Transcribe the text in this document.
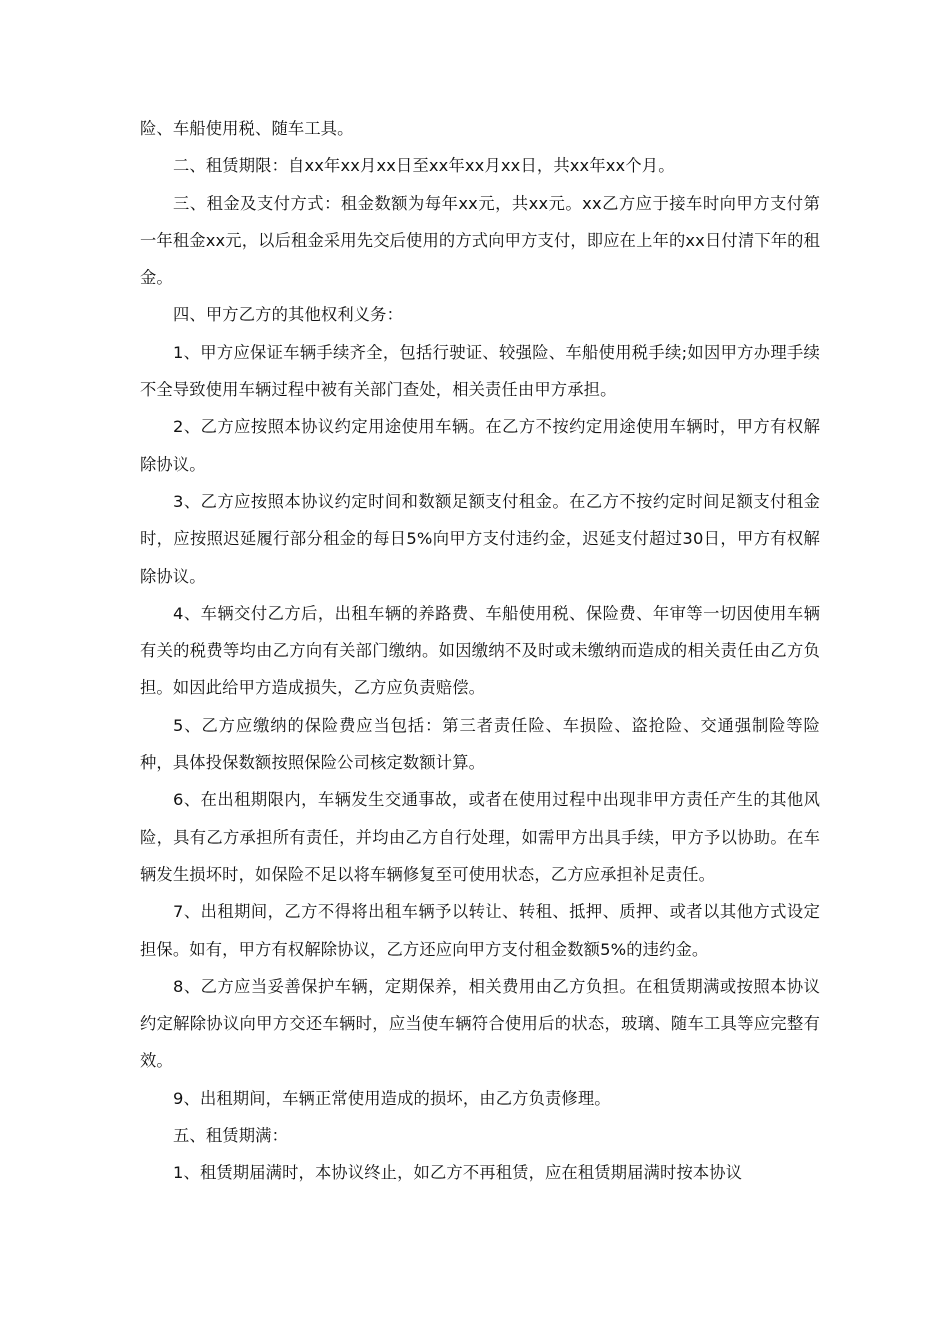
险、车船使用税、随车工具。

二、租赁期限：自xx年xx月xx日至xx年xx月xx日，共xx年xx个月。

三、租金及支付方式：租金数额为每年xx元，共xx元。xx乙方应于接车时向甲方支付第一年租金xx元，以后租金采用先交后使用的方式向甲方支付，即应在上年的xx日付清下年的租金。

四、甲方乙方的其他权利义务：

1、甲方应保证车辆手续齐全，包括行驶证、较强险、车船使用税手续;如因甲方办理手续不全导致使用车辆过程中被有关部门查处，相关责任由甲方承担。

2、乙方应按照本协议约定用途使用车辆。在乙方不按约定用途使用车辆时，甲方有权解除协议。

3、乙方应按照本协议约定时间和数额足额支付租金。在乙方不按约定时间足额支付租金时，应按照迟延履行部分租金的每日5%向甲方支付违约金，迟延支付超过30日，甲方有权解除协议。

4、车辆交付乙方后，出租车辆的养路费、车船使用税、保险费、年审等一切因使用车辆有关的税费等均由乙方向有关部门缴纳。如因缴纳不及时或未缴纳而造成的相关责任由乙方负担。如因此给甲方造成损失，乙方应负责赔偿。

5、乙方应缴纳的保险费应当包括：第三者责任险、车损险、盗抢险、交通强制险等险种，具体投保数额按照保险公司核定数额计算。

6、在出租期限内，车辆发生交通事故，或者在使用过程中出现非甲方责任产生的其他风险，具有乙方承担所有责任，并均由乙方自行处理，如需甲方出具手续，甲方予以协助。在车辆发生损坏时，如保险不足以将车辆修复至可使用状态，乙方应承担补足责任。

7、出租期间，乙方不得将出租车辆予以转让、转租、抵押、质押、或者以其他方式设定担保。如有，甲方有权解除协议，乙方还应向甲方支付租金数额5%的违约金。

8、乙方应当妥善保护车辆，定期保养，相关费用由乙方负担。在租赁期满或按照本协议约定解除协议向甲方交还车辆时，应当使车辆符合使用后的状态，玻璃、随车工具等应完整有效。

9、出租期间，车辆正常使用造成的损坏，由乙方负责修理。

五、租赁期满：

1、租赁期届满时，本协议终止，如乙方不再租赁，应在租赁期届满时按本协议
